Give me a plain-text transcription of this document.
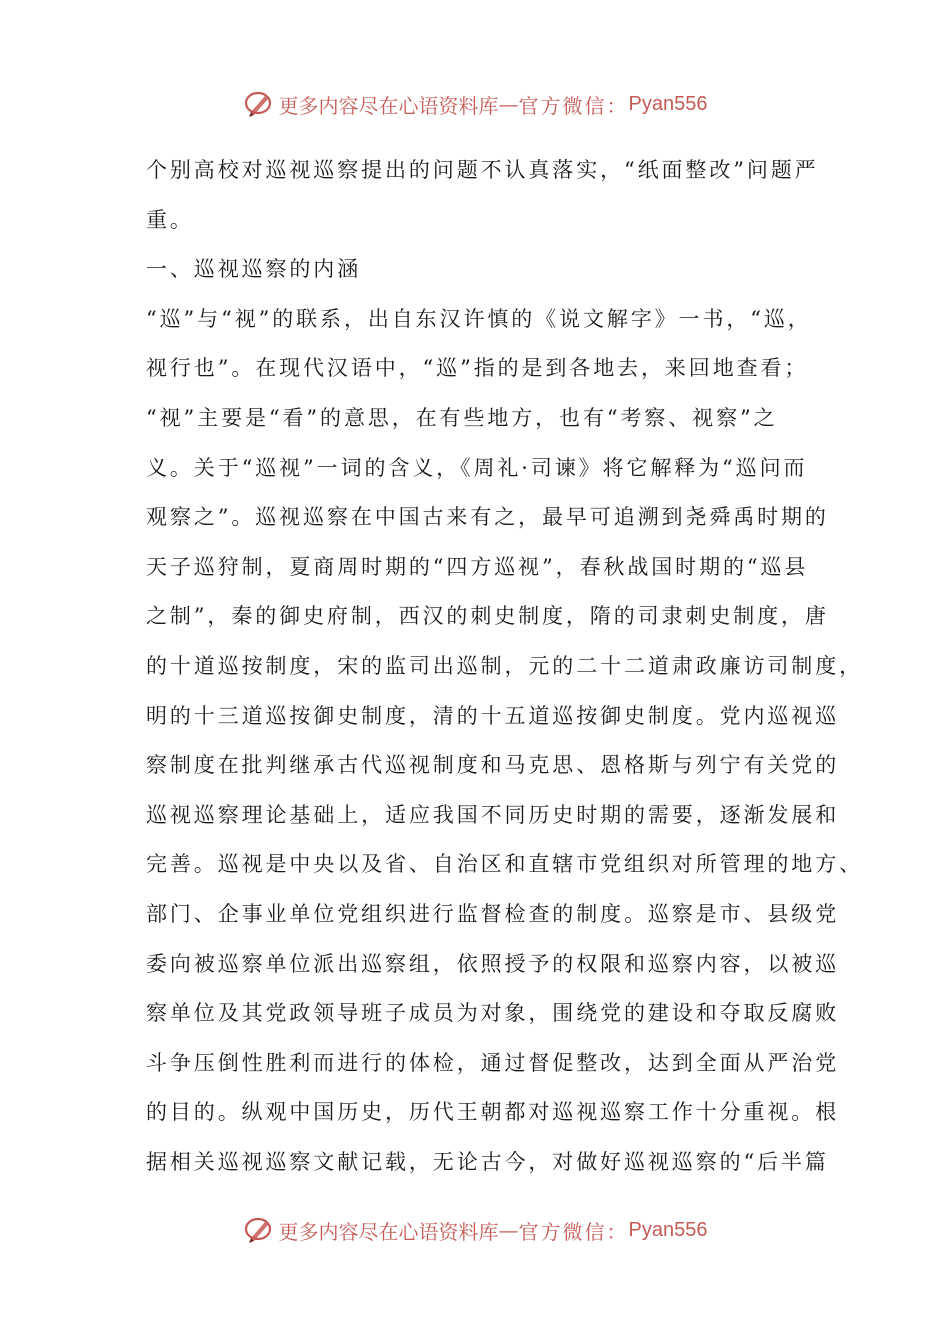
更多内容尽在心语资料库 — 官方微信： Pyan556
个别高校对巡视巡察提出的问题不认真落实，“纸面整改”问题严
重。
一、巡视巡察的内涵
“巡”与“视”的联系，出自东汉许慎的《说文解字》一书，“巡，
视行也”。在现代汉语中，“巡”指的是到各地去，来回地查看；
“视”主要是“看”的意思，在有些地方，也有“考察、视察”之
义。关于“巡视”一词的含义，《周礼·司谏》将它解释为“巡问而
观察之”。巡视巡察在中国古来有之，最早可追溯到尧舜禹时期的
天子巡狩制，夏商周时期的“四方巡视”，春秋战国时期的“巡县
之制”，秦的御史府制，西汉的刺史制度，隋的司隶刺史制度，唐
的十道巡按制度，宋的监司出巡制，元的二十二道肃政廉访司制度，
明的十三道巡按御史制度，清的十五道巡按御史制度。党内巡视巡
察制度在批判继承古代巡视制度和马克思、恩格斯与列宁有关党的
巡视巡察理论基础上，适应我国不同历史时期的需要，逐渐发展和
完善。巡视是中央以及省、自治区和直辖市党组织对所管理的地方、
部门、企事业单位党组织进行监督检查的制度。巡察是市、县级党
委向被巡察单位派出巡察组，依照授予的权限和巡察内容，以被巡
察单位及其党政领导班子成员为对象，围绕党的建设和夺取反腐败
斗争压倒性胜利而进行的体检，通过督促整改，达到全面从严治党
的目的。纵观中国历史，历代王朝都对巡视巡察工作十分重视。根
据相关巡视巡察文献记载，无论古今，对做好巡视巡察的“后半篇
更多内容尽在心语资料库 — 官方微信： Pyan556
